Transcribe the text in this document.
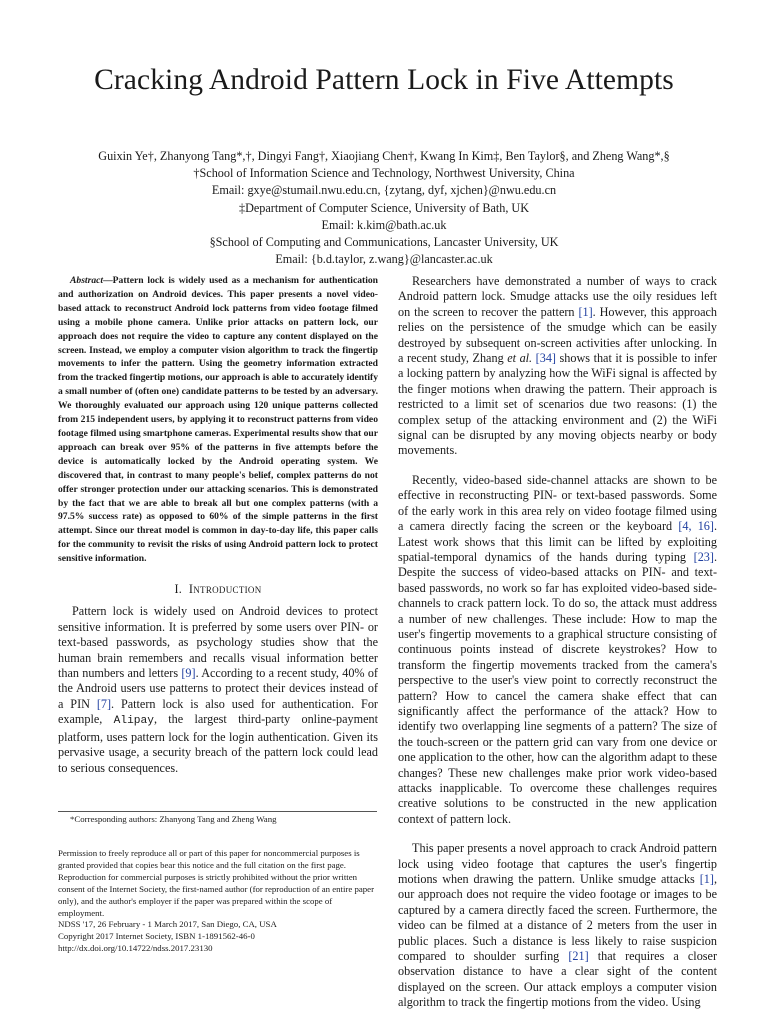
Cracking Android Pattern Lock in Five Attempts
Guixin Ye†, Zhanyong Tang*,†, Dingyi Fang†, Xiaojiang Chen†, Kwang In Kim‡, Ben Taylor§, and Zheng Wang*,§
†School of Information Science and Technology, Northwest University, China
Email: gxye@stumail.nwu.edu.cn, {zytang, dyf, xjchen}@nwu.edu.cn
‡Department of Computer Science, University of Bath, UK
Email: k.kim@bath.ac.uk
§School of Computing and Communications, Lancaster University, UK
Email: {b.d.taylor, z.wang}@lancaster.ac.uk

Abstract—Pattern lock is widely used as a mechanism for authentication and authorization on Android devices. This paper presents a novel video-based attack to reconstruct Android lock patterns from video footage filmed using a mobile phone camera. Unlike prior attacks on pattern lock, our approach does not require the video to capture any content displayed on the screen. Instead, we employ a computer vision algorithm to track the fingertip movements to infer the pattern. Using the geometry information extracted from the tracked fingertip motions, our approach is able to accurately identify a small number of (often one) candidate patterns to be tested by an adversary. We thoroughly evaluated our approach using 120 unique patterns collected from 215 independent users, by applying it to reconstruct patterns from video footage filmed using smartphone cameras. Experimental results show that our approach can break over 95% of the patterns in five attempts before the device is automatically locked by the Android operating system. We discovered that, in contrast to many people's belief, complex patterns do not offer stronger protection under our attacking scenarios. This is demonstrated by the fact that we are able to break all but one complex patterns (with a 97.5% success rate) as opposed to 60% of the simple patterns in the first attempt. Since our threat model is common in day-to-day life, this paper calls for the community to revisit the risks of using Android pattern lock to protect sensitive information.

I. Introduction

Pattern lock is widely used on Android devices to protect sensitive information. It is preferred by some users over PIN- or text-based passwords, as psychology studies show that the human brain remembers and recalls visual information better than numbers and letters [9]. According to a recent study, 40% of the Android users use patterns to protect their devices instead of a PIN [7]. Pattern lock is also used for authentication. For example, Alipay, the largest third-party online-payment platform, uses pattern lock for the login authentication. Given its pervasive usage, a security breach of the pattern lock could lead to serious consequences.

*Corresponding authors: Zhanyong Tang and Zheng Wang

Permission to freely reproduce all or part of this paper for noncommercial purposes is granted provided that copies bear this notice and the full citation on the first page. Reproduction for commercial purposes is strictly prohibited without the prior written consent of the Internet Society, the first-named author (for reproduction of an entire paper only), and the author's employer if the paper was prepared within the scope of employment.

NDSS '17, 26 February - 1 March 2017, San Diego, CA, USA

Copyright 2017 Internet Society, ISBN 1-1891562-46-0

http://dx.doi.org/10.14722/ndss.2017.23130

Researchers have demonstrated a number of ways to crack Android pattern lock. Smudge attacks use the oily residues left on the screen to recover the pattern [1]. However, this approach relies on the persistence of the smudge which can be easily destroyed by subsequent on-screen activities after unlocking. In a recent study, Zhang et al. [34] shows that it is possible to infer a locking pattern by analyzing how the WiFi signal is affected by the finger motions when drawing the pattern. Their approach is restricted to a limit set of scenarios due two reasons: (1) the complex setup of the attacking environment and (2) the WiFi signal can be disrupted by any moving objects nearby or body movements.

Recently, video-based side-channel attacks are shown to be effective in reconstructing PIN- or text-based passwords. Some of the early work in this area rely on video footage filmed using a camera directly facing the screen or the keyboard [4, 16]. Latest work shows that this limit can be lifted by exploiting spatial-temporal dynamics of the hands during typing [23]. Despite the success of video-based attacks on PIN- and text-based passwords, no work so far has exploited video-based side-channels to crack pattern lock. To do so, the attack must address a number of new challenges. These include: How to map the user's fingertip movements to a graphical structure consisting of continuous points instead of discrete keystrokes? How to transform the fingertip movements tracked from the camera's perspective to the user's view point to correctly reconstruct the pattern? How to cancel the camera shake effect that can significantly affect the performance of the attack? How to identify two overlapping line segments of a pattern? The size of the touch-screen or the pattern grid can vary from one device or one application to the other, how can the algorithm adapt to these changes? These new challenges make prior work video-based attacks inapplicable. To overcome these challenges requires creative solutions to be constructed in the new application context of pattern lock.

This paper presents a novel approach to crack Android pattern lock using video footage that captures the user's fingertip motions when drawing the pattern. Unlike smudge attacks [1], our approach does not require the video footage or images to be captured by a camera directly faced the screen. Furthermore, the video can be filmed at a distance of 2 meters from the user in public places. Such a distance is less likely to raise suspicion compared to shoulder surfing [21] that requires a closer observation distance to have a clear sight of the content displayed on the screen. Our attack employs a computer vision algorithm to track the fingertip motions from the video. Using
